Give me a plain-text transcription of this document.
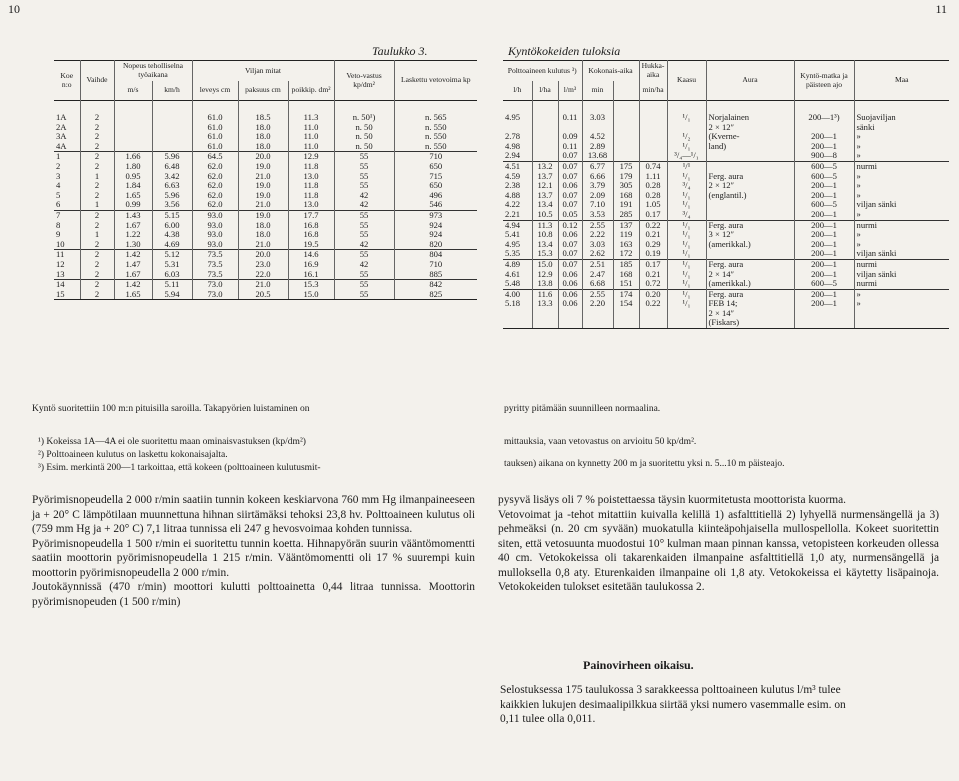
10	11
Taulukko 3.	Kyntökokeiden tuloksia
Koe n:o	Vaihde	Nopeus teholliselna työaikana		Viljan mitat			Veto-vastus kp/dm²	Laskettu vetovoima kp
		m/s	km/h	leveys cm	paksuus cm	poikkip. dm²		
1A	2			61.0	18.5	11.3	n. 50¹)	n. 565
2A	2			61.0	18.0	11.0	n. 50	n. 550
3A	2			61.0	18.0	11.0	n. 50	n. 550
4A	2			61.0	18.0	11.0	n. 50	n. 550
1	2	1.66	5.96	64.5	20.0	12.9	55	710
2	2	1.80	6.48	62.0	19.0	11.8	55	650
3	1	0.95	3.42	62.0	21.0	13.0	55	715
4	2	1.84	6.63	62.0	19.0	11.8	55	650
5	2	1.65	5.96	62.0	19.0	11.8	42	496
6	1	0.99	3.56	62.0	21.0	13.0	42	546
7	2	1.43	5.15	93.0	19.0	17.7	55	973
8	2	1.67	6.00	93.0	18.0	16.8	55	924
9	1	1.22	4.38	93.0	18.0	16.8	55	924
10	2	1.30	4.69	93.0	21.0	19.5	42	820
11	2	1.42	5.12	73.5	20.0	14.6	55	804
12	2	1.47	5.31	73.5	23.0	16.9	42	710
13	2	1.67	6.03	73.5	22.0	16.1	55	885
14	2	1.42	5.11	73.0	21.0	15.3	55	842
15	2	1.65	5.94	73.0	20.5	15.0	55	825
Polttoaineen kulutus ³)			Kokonais-aika		Hukka-aika	Kaasu	Aura	Kyntö-matka ja päisteen ajo	Maa
l/h	l/ha	l/m³	min		min/ha				
4.95		0.11	3.03			¹/₁	Norjalainen	200—1³)	Suojaviljan
							2 × 12″		sänki
2.78		0.09	4.52			¹/₂	(Kverne-	200—1	»
4.98		0.11	2.89			¹/₁	land)	200—1	»
2.94		0.07	13.68			³/₄—¹/₁		900—8	»
4.51	13.2	0.07	6.77	175	0.74	¹/¹		600—5	nurmi
4.59	13.7	0.07	6.66	179	1.11	¹/₁	Ferg. aura	600—5	»
2.38	12.1	0.06	3.79	305	0.28	³/₄	2 × 12″	200—1	»
4.88	13.7	0.07	2.09	168	0.28	¹/₁	(englantil.)	200—1	»
4.22	13.4	0.07	7.10	191	1.05	¹/₁		600—5	viljan sänki
2.21	10.5	0.05	3.53	285	0.17	³/₄		200—1	»
4.94	11.3	0.12	2.55	137	0.22	¹/₁	Ferg. aura	200—1	nurmi
5.41	10.8	0.06	2.22	119	0.21	¹/₁	3 × 12″	200—1	»
4.95	13.4	0.07	3.03	163	0.29	¹/₁	(amerikkal.)	200—1	»
5.35	15.3	0.07	2.62	172	0.19	¹/₁		200—1	viljan sänki
4.89	15.0	0.07	2.51	185	0.17	¹/₁	Ferg. aura	200—1	nurmi
4.61	12.9	0.06	2.47	168	0.21	¹/₁	2 × 14″	200—1	viljan sänki
5.48	13.8	0.06	6.68	151	0.72	¹/₁	(amerikkal.)	600—5	nurmi
4.00	11.6	0.06	2.55	174	0.20	¹/₁	Ferg. aura	200—1	»
5.18	13.3	0.06	2.20	154	0.22	¹/₁	FEB 14;	200—1	»
							2 × 14″		
							(Fiskars)		
Kyntö suoritettiin 100 m:n pituisilla saroilla. Takapyörien luistaminen on	pyritty pitämään suunnilleen normaalina.
¹) Kokeissa 1A—4A ei ole suoritettu maan ominaisvastuksen (kp/dm²)	mittauksia, vaan vetovastus on arvioitu 50 kp/dm².
²) Polttoaineen kulutus on laskettu kokonaisajalta.
³) Esim. merkintä 200—1 tarkoittaa, että kokeen (polttoaineen kulutusmit-	tauksen) aikana on kynnetty 200 m ja suoritettu yksi n. 5...10 m päisteajo.
Pyörimisnopeudella 2 000 r/min saatiin tunnin kokeen keskiarvona 760 mm Hg ilmanpaineeseen ja + 20° C lämpötilaan muunnettuna hihnan siirtämäksi tehoksi 23,8 hv. Polttoaineen kulutus oli (759 mm Hg ja + 20° C) 7,1 litraa tunnissa eli 247 g hevosvoimaa kohden tunnissa.
Pyörimisnopeudella 1 500 r/min ei suoritettu tunnin koetta. Hihnapyörän suurin vääntömomentti saatiin moottorin pyörimisnopeudella 1 215 r/min. Vääntömomentti oli 17 % suurempi kuin moottorin pyörimisnopeudella 2 000 r/min.
Joutokäynnissä (470 r/min) moottori kulutti polttoainetta 0,44 litraa tunnissa. Moottorin pyörimisnopeuden (1 500 r/min)
pysyvä lisäys oli 7 % poistettaessa täysin kuormitetusta moottorista kuorma.
Vetovoimat ja -tehot mitattiin kuivalla kelillä 1) asfalttitiellä 2) lyhyellä nurmensängellä ja 3) pehmeäksi (n. 20 cm syvään) muokatulla kiinteäpohjaisella mullospellolla. Kokeet suoritettin siten, että vetosuunta muodostui 10° kulman maan pinnan kanssa, vetopisteen korkeuden ollessa 40 cm. Vetokokeissa oli takarenkaiden ilmanpaine asfalttitiellä 1,0 aty, nurmensängellä ja mulloksella 0,8 aty. Eturenkaiden ilmanpaine oli 1,8 aty. Vetokokeissa ei käytetty lisäpainoja. Vetokokeiden tulokset esitetään taulukossa 2.
Painovirheen oikaisu.
Selostuksessa 175 taulukossa 3 sarakkeessa polttoaineen kulutus l/m³ tulee kaikkien lukujen desimaalipilkkua siirtää yksi numero vasemmalle esim. on 0,11 tulee olla 0,011.
